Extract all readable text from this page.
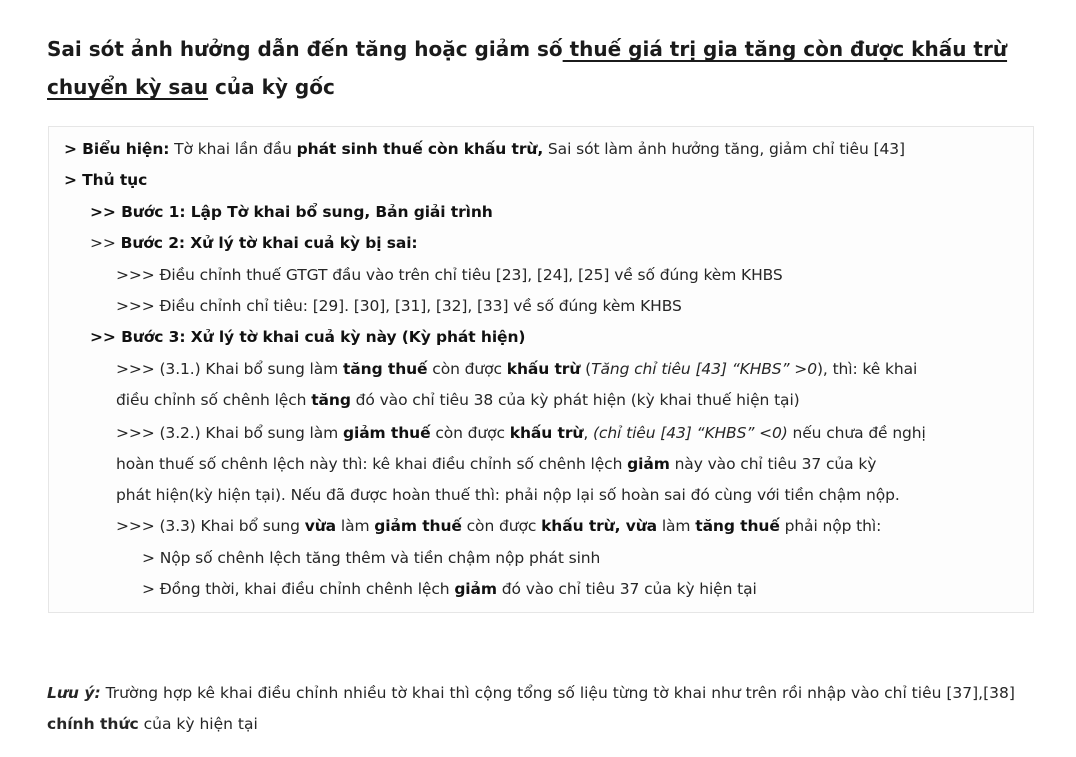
Sai sót ảnh hưởng dẫn đến tăng hoặc giảm số thuế giá trị gia tăng còn được khấu trừ chuyển kỳ sau của kỳ gốc
> Biểu hiện: Tờ khai lần đầu phát sinh thuế còn khấu trừ, Sai sót làm ảnh hưởng tăng, giảm chỉ tiêu [43]
> Thủ tục
>> Bước 1: Lập Tờ khai bổ sung, Bản giải trình
>> Bước 2: Xử lý tờ khai cuả kỳ bị sai:
>>> Điều chỉnh thuế GTGT đầu vào trên chỉ tiêu [23], [24], [25] về số đúng kèm KHBS
>>> Điều chỉnh chỉ tiêu: [29]. [30], [31], [32], [33] về số đúng kèm KHBS
>> Bước 3: Xử lý tờ khai cuả kỳ này (Kỳ phát hiện)
>>> (3.1.) Khai bổ sung làm tăng thuế còn được khấu trừ (Tăng chỉ tiêu [43] “KHBS” >0), thì: kê khai
điều chỉnh số chênh lệch tăng đó vào chỉ tiêu 38 của kỳ phát hiện (kỳ khai thuế hiện tại)
>>> (3.2.) Khai bổ sung làm giảm thuế còn được khấu trừ, (chỉ tiêu [43] “KHBS” <0) nếu chưa đề nghị
hoàn thuế số chênh lệch này thì: kê khai điều chỉnh số chênh lệch giảm này vào chỉ tiêu 37 của kỳ
phát hiện(kỳ hiện tại). Nếu đã được hoàn thuế thì: phải nộp lại số hoàn sai đó cùng với tiền chậm nộp.
>>> (3.3) Khai bổ sung vừa làm giảm thuế còn được khấu trừ, vừa làm tăng thuế phải nộp thì:
> Nộp số chênh lệch tăng thêm và tiền chậm nộp phát sinh
> Đồng thời, khai điều chỉnh chênh lệch giảm đó vào chỉ tiêu 37 của kỳ hiện tại
Lưu ý: Trường hợp kê khai điều chỉnh nhiều tờ khai thì cộng tổng số liệu từng tờ khai như trên rồi nhập vào chỉ tiêu [37],[38] chính thức của kỳ hiện tại
